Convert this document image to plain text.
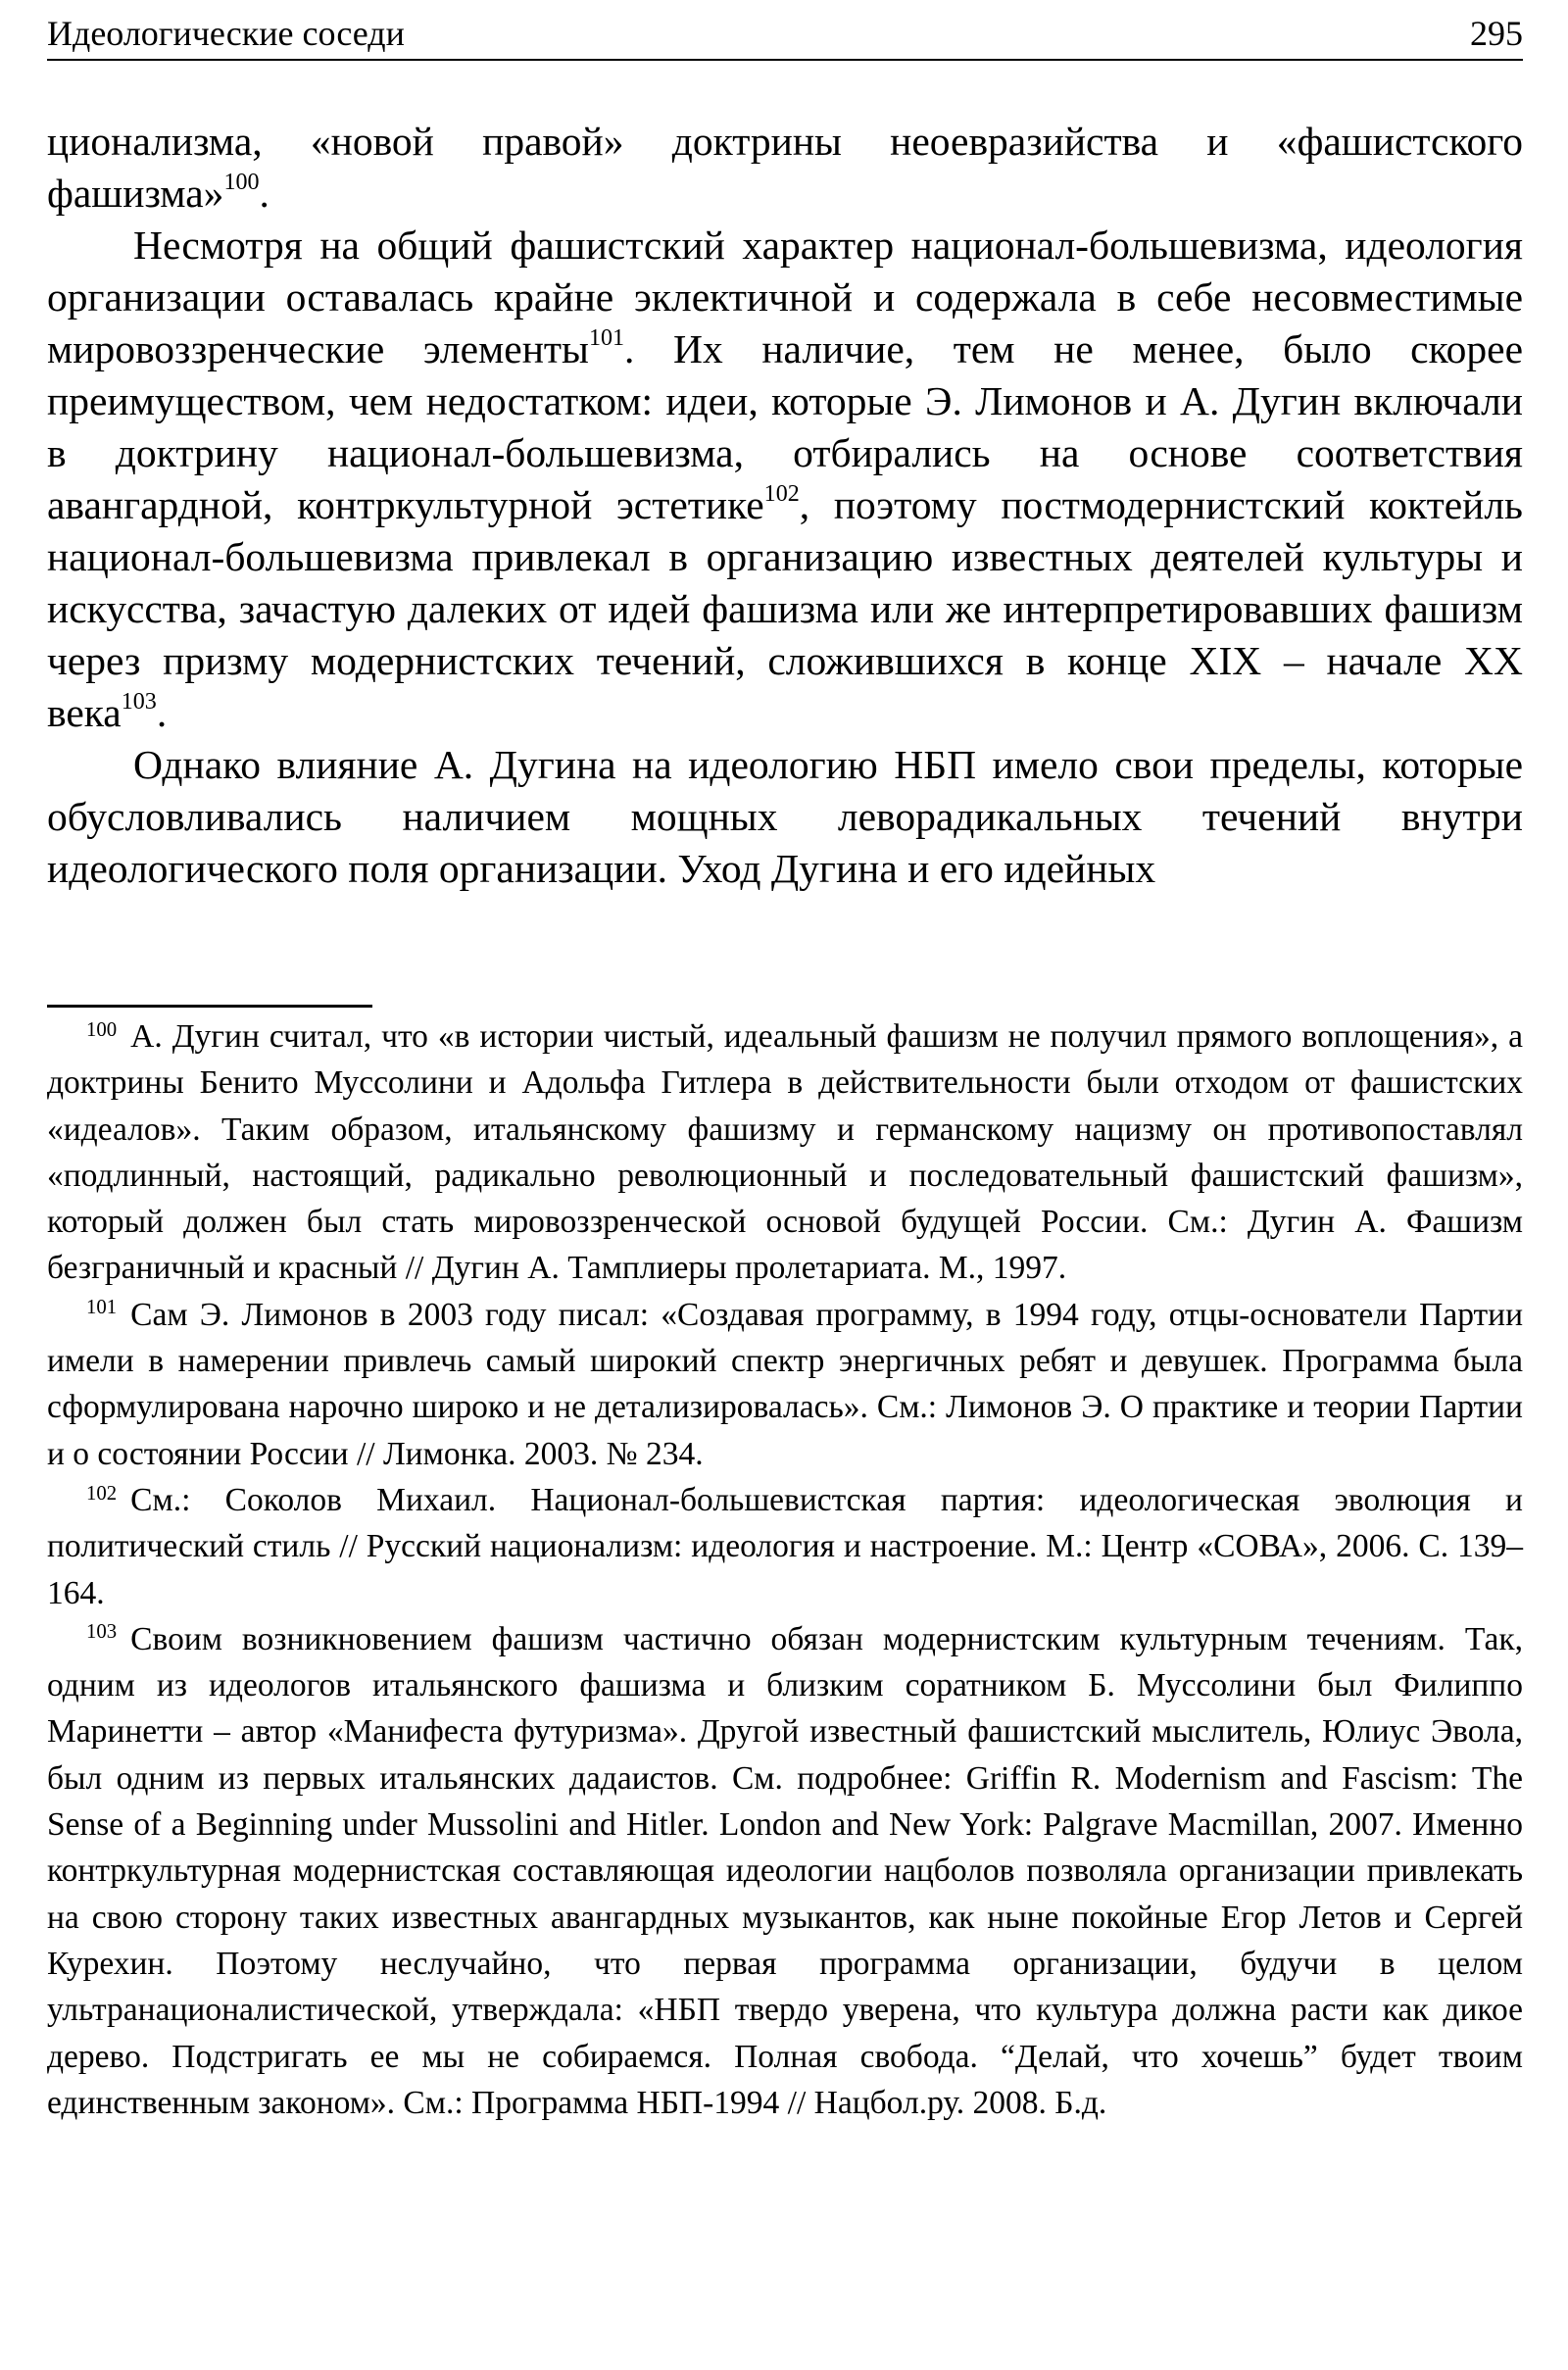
Идеологические соседи	295

ционализма, «новой правой» доктрины неоевразийства и «фашистского фашизма»$^{100}$.

Несмотря на общий фашистский характер национал-большевизма, идеология организации оставалась крайне эклектичной и содержала в себе несовместимые мировоззренческие элементы$^{101}$. Их наличие, тем не менее, было скорее преимуществом, чем недостатком: идеи, которые Э. Лимонов и А. Дугин включали в доктрину национал-большевизма, отбирались на основе соответствия авангардной, контркультурной эстетике$^{102}$, поэтому постмодернистский коктейль национал-большевизма привлекал в организацию известных деятелей культуры и искусства, зачастую далеких от идей фашизма или же интерпретировавших фашизм через призму модернистских течений, сложившихся в конце XIX – начале XX века$^{103}$.

Однако влияние А. Дугина на идеологию НБП имело свои пределы, которые обусловливались наличием мощных леворадикальных течений внутри идеологического поля организации. Уход Дугина и его идейных

$^{100}$ А. Дугин считал, что «в истории чистый, идеальный фашизм не получил прямого воплощения», а доктрины Бенито Муссолини и Адольфа Гитлера в действительности были отходом от фашистских «идеалов». Таким образом, итальянскому фашизму и германскому нацизму он противопоставлял «подлинный, настоящий, радикально революционный и последовательный фашистский фашизм», который должен был стать мировоззренческой основой будущей России. См.: Дугин А. Фашизм безграничный и красный // Дугин А. Тамплиеры пролетариата. М., 1997.

$^{101}$ Сам Э. Лимонов в 2003 году писал: «Создавая программу, в 1994 году, отцы-основатели Партии имели в намерении привлечь самый широкий спектр энергичных ребят и девушек. Программа была сформулирована нарочно широко и не детализировалась». См.: Лимонов Э. О практике и теории Партии и о состоянии России // Лимонка. 2003. № 234.

$^{102}$ См.: Соколов Михаил. Национал-большевистская партия: идеологическая эволюция и политический стиль // Русский национализм: идеология и настроение. М.: Центр «СОВА», 2006. С. 139–164.

$^{103}$ Своим возникновением фашизм частично обязан модернистским культурным течениям. Так, одним из идеологов итальянского фашизма и близким соратником Б. Муссолини был Филиппо Маринетти – автор «Манифеста футуризма». Другой известный фашистский мыслитель, Юлиус Эвола, был одним из первых итальянских дадаистов. См. подробнее: Griffin R. Modernism and Fascism: The Sense of a Beginning under Mussolini and Hitler. London and New York: Palgrave Macmillan, 2007. Именно контркультурная модернистская составляющая идеологии нацболов позволяла организации привлекать на свою сторону таких известных авангардных музыкантов, как ныне покойные Егор Летов и Сергей Курехин. Поэтому неслучайно, что первая программа организации, будучи в целом ультранационалистической, утверждала: «НБП твердо уверена, что культура должна расти как дикое дерево. Подстригать ее мы не собираемся. Полная свобода. “Делай, что хочешь” будет твоим единственным законом». См.: Программа НБП-1994 // Нацбол.ру. 2008. Б.д.
